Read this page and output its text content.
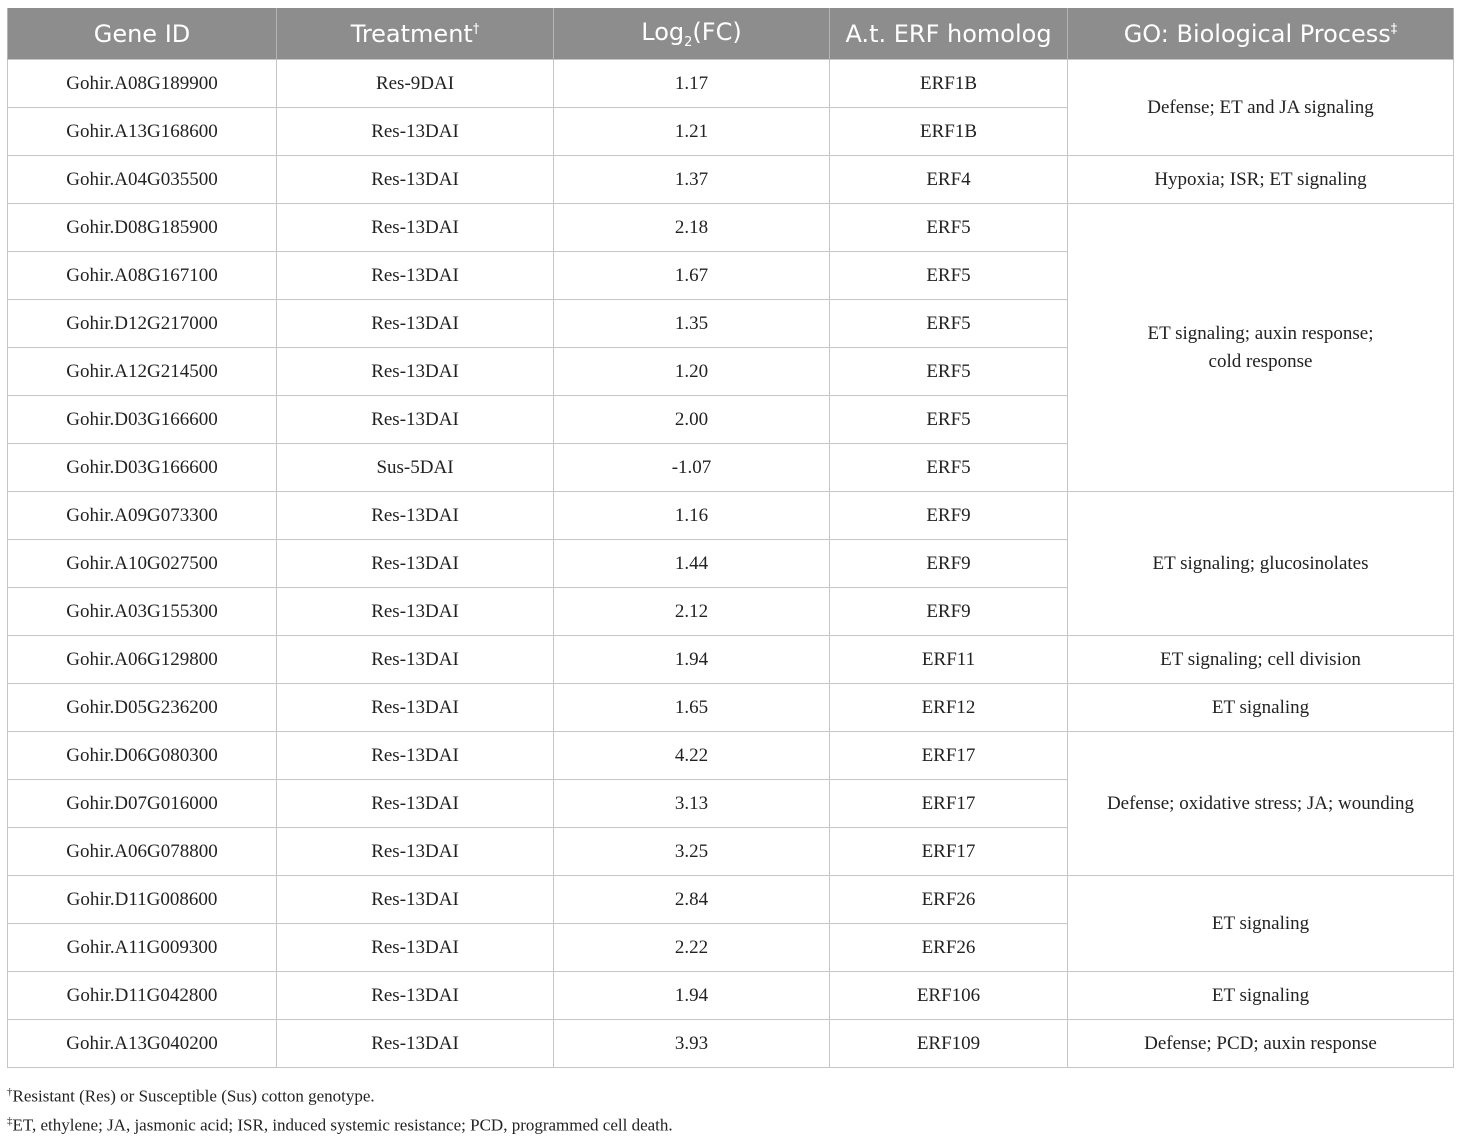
Gene ID	Treatment†	Log$_2$(FC)	A.t. ERF homolog	GO: Biological Process‡
Gohir.A08G189900	Res-9DAI	1.17	ERF1B	Defense; ET and JA signaling

Gohir.A13G168600	Res-13DAI	1.21	ERF1B	
Gohir.A04G035500	Res-13DAI	1.37	ERF4	Hypoxia; ISR; ET signaling

Gohir.D08G185900	Res-13DAI	2.18	ERF5	ET signaling; auxin response;
cold response

Gohir.A08G167100	Res-13DAI	1.67	ERF5	
Gohir.D12G217000	Res-13DAI	1.35	ERF5	
Gohir.A12G214500	Res-13DAI	1.20	ERF5	
Gohir.D03G166600	Res-13DAI	2.00	ERF5	
Gohir.D03G166600	Sus-5DAI	-1.07	ERF5	
Gohir.A09G073300	Res-13DAI	1.16	ERF9	ET signaling; glucosinolates

Gohir.A10G027500	Res-13DAI	1.44	ERF9	
Gohir.A03G155300	Res-13DAI	2.12	ERF9	
Gohir.A06G129800	Res-13DAI	1.94	ERF11	ET signaling; cell division

Gohir.D05G236200	Res-13DAI	1.65	ERF12	ET signaling

Gohir.D06G080300	Res-13DAI	4.22	ERF17	Defense; oxidative stress; JA; wounding

Gohir.D07G016000	Res-13DAI	3.13	ERF17	
Gohir.A06G078800	Res-13DAI	3.25	ERF17	
Gohir.D11G008600	Res-13DAI	2.84	ERF26	ET signaling

Gohir.A11G009300	Res-13DAI	2.22	ERF26	
Gohir.D11G042800	Res-13DAI	1.94	ERF106	ET signaling

Gohir.A13G040200	Res-13DAI	3.93	ERF109	Defense; PCD; auxin response
†Resistant (Res) or Susceptible (Sus) cotton genotype.
‡ET, ethylene; JA, jasmonic acid; ISR, induced systemic resistance; PCD, programmed cell death.
